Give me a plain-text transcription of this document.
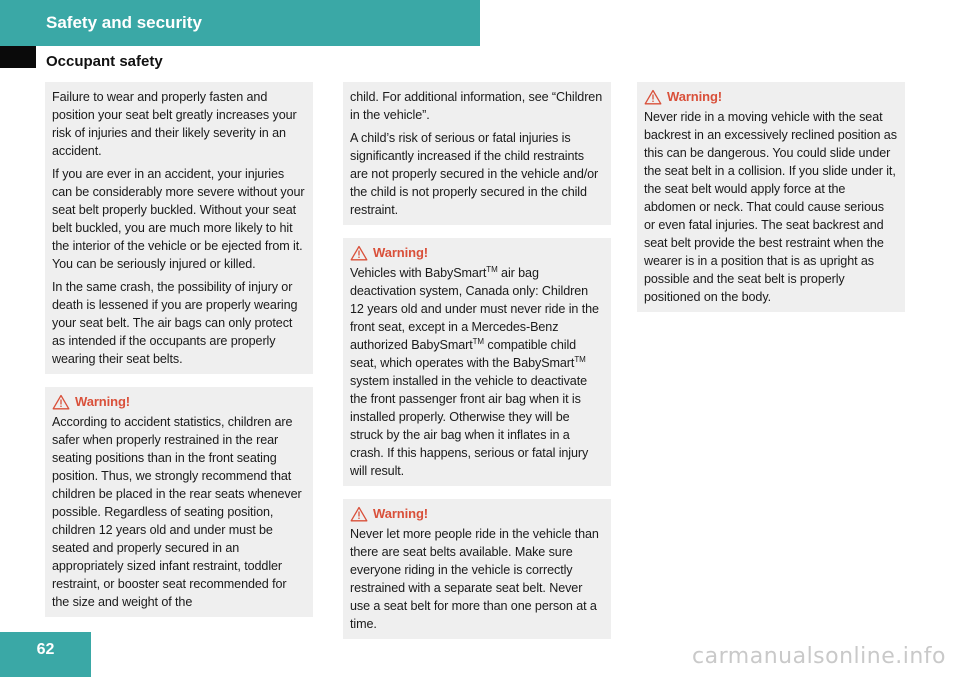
Safety and security
Occupant safety

Failure to wear and properly fasten and position your seat belt greatly increases your risk of injuries and their likely severity in an accident.

If you are ever in an accident, your injuries can be considerably more severe without your seat belt properly buckled. Without your seat belt buckled, you are much more likely to hit the interior of the vehicle or be ejected from it. You can be seriously injured or killed.

In the same crash, the possibility of injury or death is lessened if you are properly wearing your seat belt. The air bags can only protect as intended if the occupants are properly wearing their seat belts.

Warning!

According to accident statistics, children are safer when properly restrained in the rear seating positions than in the front seating position. Thus, we strongly recommend that children be placed in the rear seats whenever possible. Regardless of seating position, children 12 years old and under must be seated and properly secured in an appropriately sized infant restraint, toddler restraint, or booster seat recommended for the size and weight of the

child. For additional information, see “Children in the vehicle”.

A child’s risk of serious or fatal injuries is significantly increased if the child restraints are not properly secured in the vehicle and/or the child is not properly secured in the child restraint.

Warning!

Vehicles with BabySmart™ air bag deactivation system, Canada only: Children 12 years old and under must never ride in the front seat, except in a Mercedes-Benz authorized BabySmart™ compatible child seat, which operates with the BabySmart™ system installed in the vehicle to deactivate the front passenger front air bag when it is installed properly. Otherwise they will be struck by the air bag when it inflates in a crash. If this happens, serious or fatal injury will result.

Warning!

Never let more people ride in the vehicle than there are seat belts available. Make sure everyone riding in the vehicle is correctly restrained with a separate seat belt. Never use a seat belt for more than one person at a time.

Warning!

Never ride in a moving vehicle with the seat backrest in an excessively reclined position as this can be dangerous. You could slide under the seat belt in a collision. If you slide under it, the seat belt would apply force at the abdomen or neck. That could cause serious or even fatal injuries. The seat backrest and seat belt provide the best restraint when the wearer is in a position that is as upright as possible and the seat belt is properly positioned on the body.

62	carmanualsonline.info
